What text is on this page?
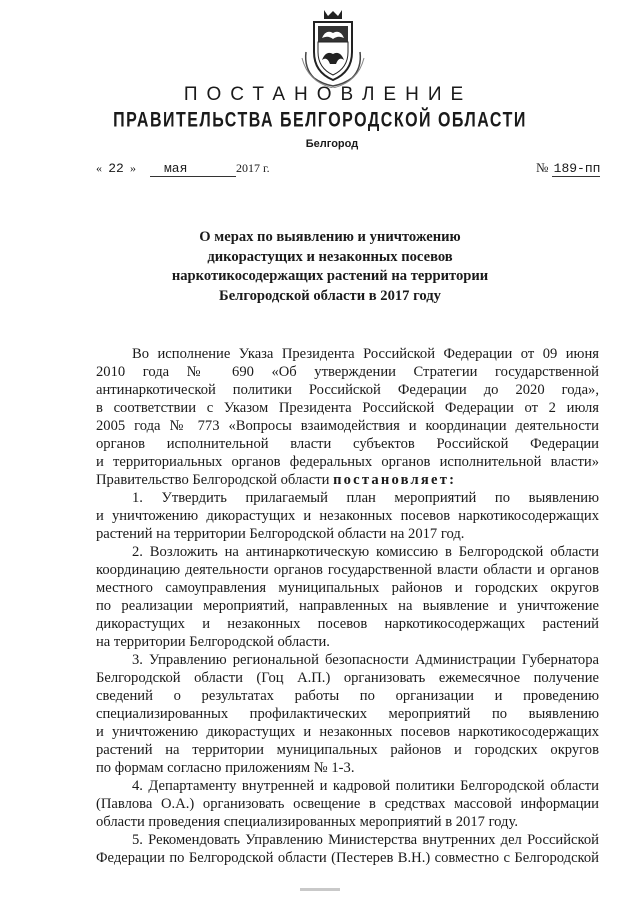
ПОСТАНОВЛЕНИЕ
ПРАВИТЕЛЬСТВА БЕЛГОРОДСКОЙ ОБЛАСТИ
Белгород
« 22 » мая	2017 г.	№ 189-пп
О мерах по выявлению и уничтожению
дикорастущих и незаконных посевов
наркотикосодержащих растений на территории
Белгородской области в 2017 году
Во исполнение Указа Президента Российской Федерации от 09 июня
2010 года № 690 «Об утверждении Стратегии государственной
антинаркотической политики Российской Федерации до 2020 года»,
в соответствии с Указом Президента Российской Федерации от 2 июля
2005 года № 773 «Вопросы взаимодействия и координации деятельности
органов исполнительной власти субъектов Российской Федерации
и территориальных органов федеральных органов исполнительной власти»
Правительство Белгородской области постановляет:
1. Утвердить прилагаемый план мероприятий по выявлению
и уничтожению дикорастущих и незаконных посевов наркотикосодержащих
растений на территории Белгородской области на 2017 год.
2. Возложить на антинаркотическую комиссию в Белгородской области
координацию деятельности органов государственной власти области и органов
местного самоуправления муниципальных районов и городских округов
по реализации мероприятий, направленных на выявление и уничтожение
дикорастущих и незаконных посевов наркотикосодержащих растений
на территории Белгородской области.
3. Управлению региональной безопасности Администрации Губернатора
Белгородской области (Гоц А.П.) организовать ежемесячное получение
сведений о результатах работы по организации и проведению
специализированных профилактических мероприятий по выявлению
и уничтожению дикорастущих и незаконных посевов наркотикосодержащих
растений на территории муниципальных районов и городских округов
по формам согласно приложениям № 1-3.
4. Департаменту внутренней и кадровой политики Белгородской области
(Павлова О.А.) организовать освещение в средствах массовой информации
области проведения специализированных мероприятий в 2017 году.
5. Рекомендовать Управлению Министерства внутренних дел Российской
Федерации по Белгородской области (Пестерев В.Н.) совместно с Белгородской
